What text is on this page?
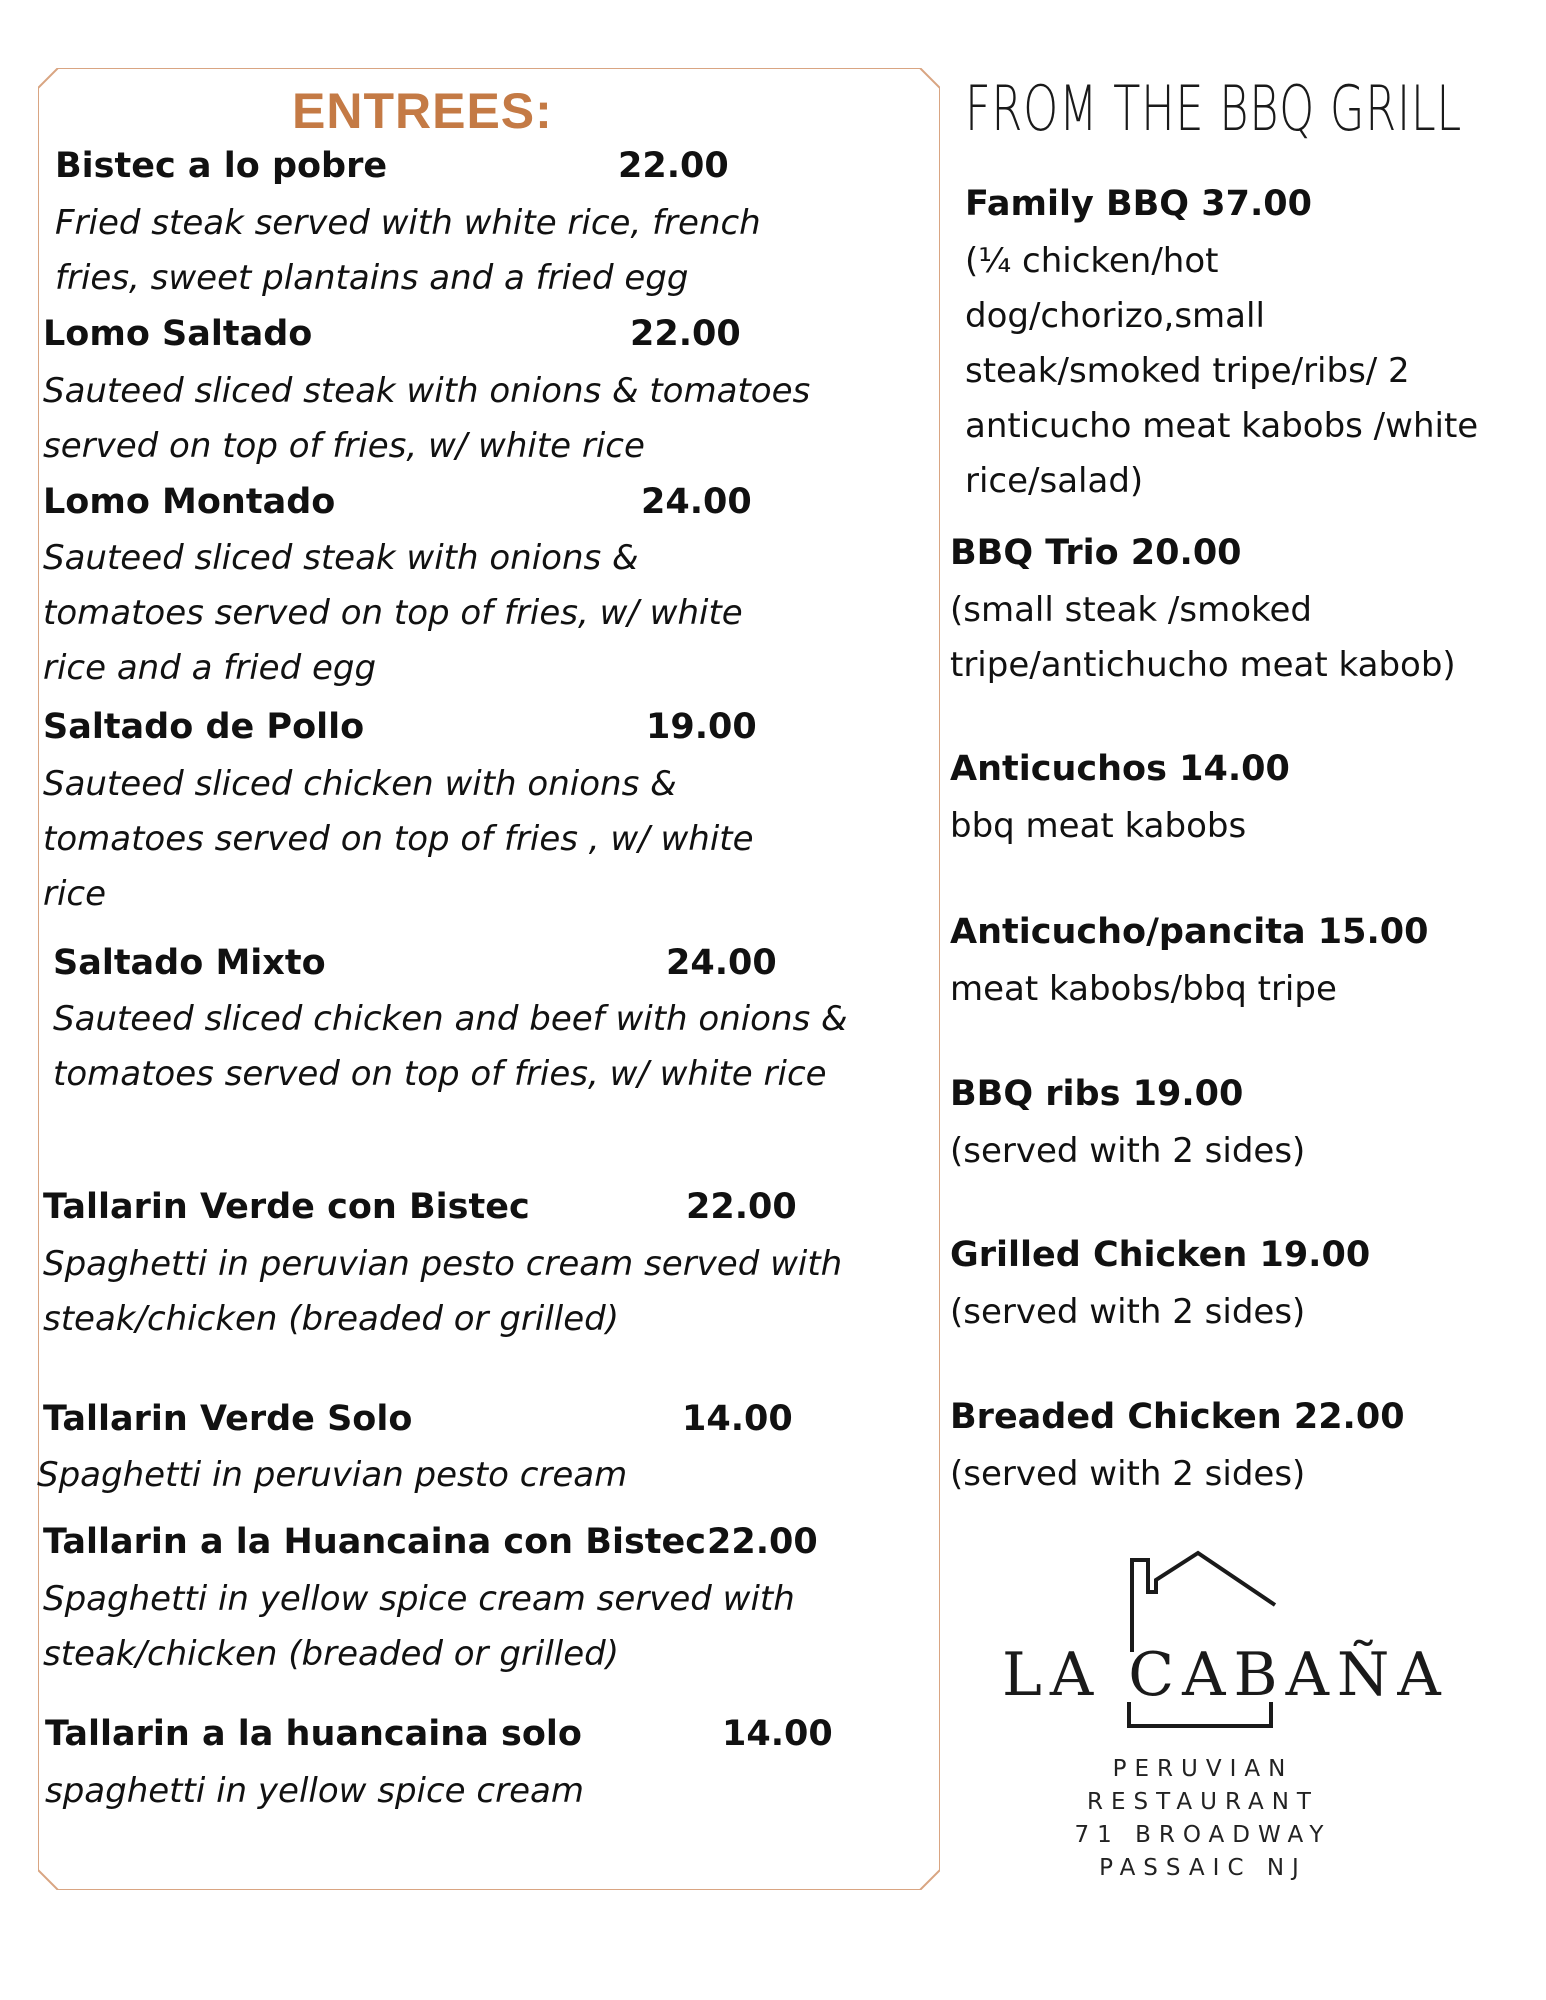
ENTREES:
Bistec a lo pobre	22.00
Fried steak served with white rice, french
fries, sweet plantains and a fried egg
Lomo Saltado	22.00
Sauteed sliced steak with onions & tomatoes
served on top of fries, w/ white rice
Lomo Montado	24.00
Sauteed sliced steak with onions &
tomatoes served on top of fries, w/ white
rice and a fried egg
Saltado de Pollo	19.00
Sauteed sliced chicken with onions &
tomatoes served on top of fries , w/ white
rice
Saltado Mixto	24.00
Sauteed sliced chicken and beef with onions &
tomatoes served on top of fries, w/ white rice
Tallarin Verde con Bistec	22.00
Spaghetti in peruvian pesto cream served with
steak/chicken (breaded or grilled)
Tallarin Verde Solo	14.00
Spaghetti in peruvian pesto cream
Tallarin a la Huancaina con Bistec 22.00
Spaghetti in yellow spice cream served with
steak/chicken (breaded or grilled)
Tallarin a la huancaina solo	14.00
spaghetti in yellow spice cream
FROM THE BBQ GRILL
Family BBQ 37.00
(¼ chicken/hot
dog/chorizo,small
steak/smoked tripe/ribs/ 2
anticucho meat kabobs /white
rice/salad)
BBQ Trio 20.00
(small steak /smoked
tripe/antichucho meat kabob)
Anticuchos 14.00
bbq meat kabobs
Anticucho/pancita 15.00
meat kabobs/bbq tripe
BBQ ribs 19.00
(served with 2 sides)
Grilled Chicken 19.00
(served with 2 sides)
Breaded Chicken 22.00
(served with 2 sides)
LA CABAÑA
PERUVIAN
RESTAURANT
71 BROADWAY
PASSAIC NJ
